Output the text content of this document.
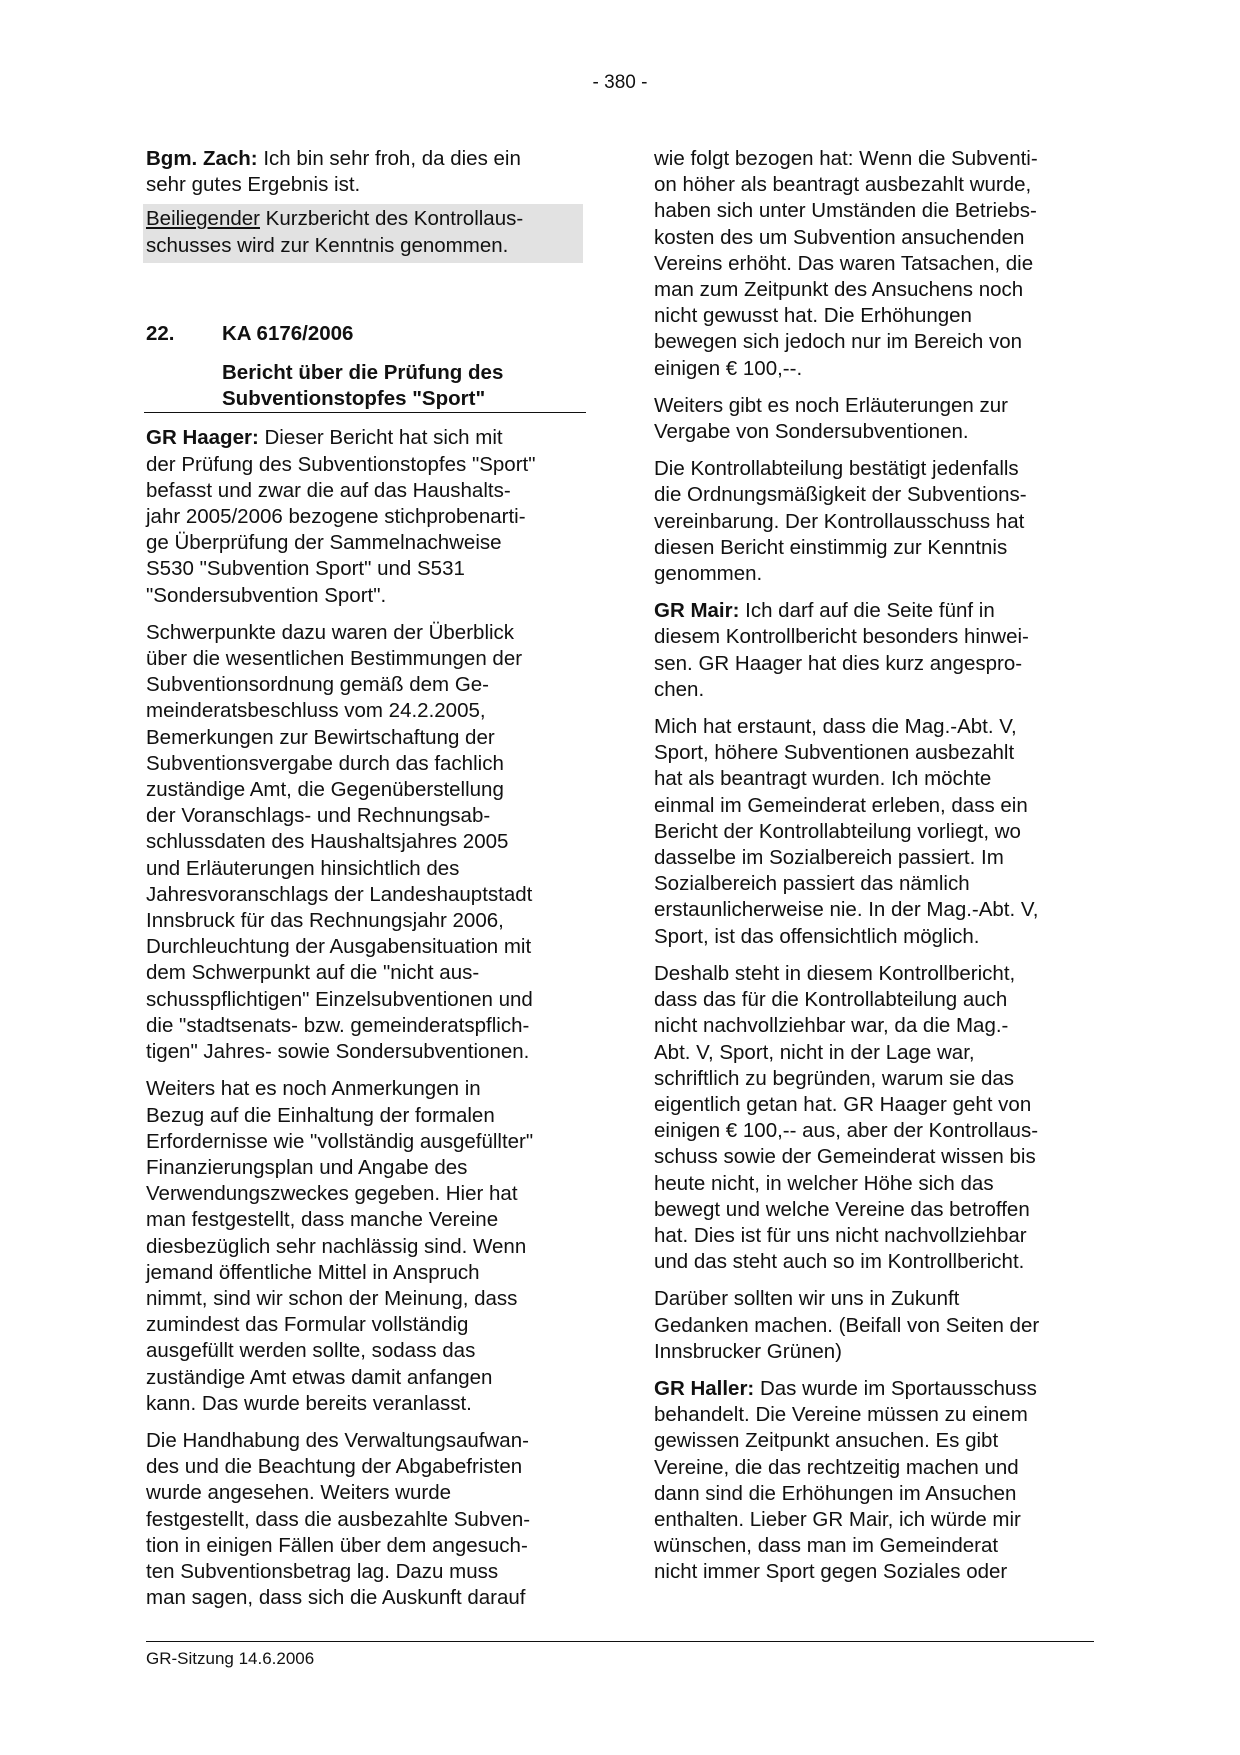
- 380 -

Bgm. Zach: Ich bin sehr froh, da dies ein
sehr gutes Ergebnis ist.

Beiliegender Kurzbericht des Kontrollaus-
schusses wird zur Kenntnis genommen.

22.	KA 6176/2006
Bericht über die Prüfung des
Subventionstopfes "Sport"

GR Haager: Dieser Bericht hat sich mit
der Prüfung des Subventionstopfes "Sport"
befasst und zwar die auf das Haushalts-
jahr 2005/2006 bezogene stichprobenarti-
ge Überprüfung der Sammelnachweise
S530 "Subvention Sport" und S531
"Sondersubvention Sport".

Schwerpunkte dazu waren der Überblick
über die wesentlichen Bestimmungen der
Subventionsordnung gemäß dem Ge-
meinderatsbeschluss vom 24.2.2005,
Bemerkungen zur Bewirtschaftung der
Subventionsvergabe durch das fachlich
zuständige Amt, die Gegenüberstellung
der Voranschlags- und Rechnungsab-
schlussdaten des Haushaltsjahres 2005
und Erläuterungen hinsichtlich des
Jahresvoranschlags der Landeshauptstadt
Innsbruck für das Rechnungsjahr 2006,
Durchleuchtung der Ausgabensituation mit
dem Schwerpunkt auf die "nicht aus-
schusspflichtigen" Einzelsubventionen und
die "stadtsenats- bzw. gemeinderatspflich-
tigen" Jahres- sowie Sondersubventionen.

Weiters hat es noch Anmerkungen in
Bezug auf die Einhaltung der formalen
Erfordernisse wie "vollständig ausgefüllter"
Finanzierungsplan und Angabe des
Verwendungszweckes gegeben. Hier hat
man festgestellt, dass manche Vereine
diesbezüglich sehr nachlässig sind. Wenn
jemand öffentliche Mittel in Anspruch
nimmt, sind wir schon der Meinung, dass
zumindest das Formular vollständig
ausgefüllt werden sollte, sodass das
zuständige Amt etwas damit anfangen
kann. Das wurde bereits veranlasst.

Die Handhabung des Verwaltungsaufwan-
des und die Beachtung der Abgabefristen
wurde angesehen. Weiters wurde
festgestellt, dass die ausbezahlte Subven-
tion in einigen Fällen über dem angesuch-
ten Subventionsbetrag lag. Dazu muss
man sagen, dass sich die Auskunft darauf

wie folgt bezogen hat: Wenn die Subventi-
on höher als beantragt ausbezahlt wurde,
haben sich unter Umständen die Betriebs-
kosten des um Subvention ansuchenden
Vereins erhöht. Das waren Tatsachen, die
man zum Zeitpunkt des Ansuchens noch
nicht gewusst hat. Die Erhöhungen
bewegen sich jedoch nur im Bereich von
einigen € 100,--.

Weiters gibt es noch Erläuterungen zur
Vergabe von Sondersubventionen.

Die Kontrollabteilung bestätigt jedenfalls
die Ordnungsmäßigkeit der Subventions-
vereinbarung. Der Kontrollausschuss hat
diesen Bericht einstimmig zur Kenntnis
genommen.

GR Mair: Ich darf auf die Seite fünf in
diesem Kontrollbericht besonders hinwei-
sen. GR Haager hat dies kurz angespro-
chen.

Mich hat erstaunt, dass die Mag.-Abt. V,
Sport, höhere Subventionen ausbezahlt
hat als beantragt wurden. Ich möchte
einmal im Gemeinderat erleben, dass ein
Bericht der Kontrollabteilung vorliegt, wo
dasselbe im Sozialbereich passiert. Im
Sozialbereich passiert das nämlich
erstaunlicherweise nie. In der Mag.-Abt. V,
Sport, ist das offensichtlich möglich.

Deshalb steht in diesem Kontrollbericht,
dass das für die Kontrollabteilung auch
nicht nachvollziehbar war, da die Mag.-
Abt. V, Sport, nicht in der Lage war,
schriftlich zu begründen, warum sie das
eigentlich getan hat. GR Haager geht von
einigen € 100,-- aus, aber der Kontrollaus-
schuss sowie der Gemeinderat wissen bis
heute nicht, in welcher Höhe sich das
bewegt und welche Vereine das betroffen
hat. Dies ist für uns nicht nachvollziehbar
und das steht auch so im Kontrollbericht.

Darüber sollten wir uns in Zukunft
Gedanken machen. (Beifall von Seiten der
Innsbrucker Grünen)

GR Haller: Das wurde im Sportausschuss
behandelt. Die Vereine müssen zu einem
gewissen Zeitpunkt ansuchen. Es gibt
Vereine, die das rechtzeitig machen und
dann sind die Erhöhungen im Ansuchen
enthalten. Lieber GR Mair, ich würde mir
wünschen, dass man im Gemeinderat
nicht immer Sport gegen Soziales oder

GR-Sitzung 14.6.2006
